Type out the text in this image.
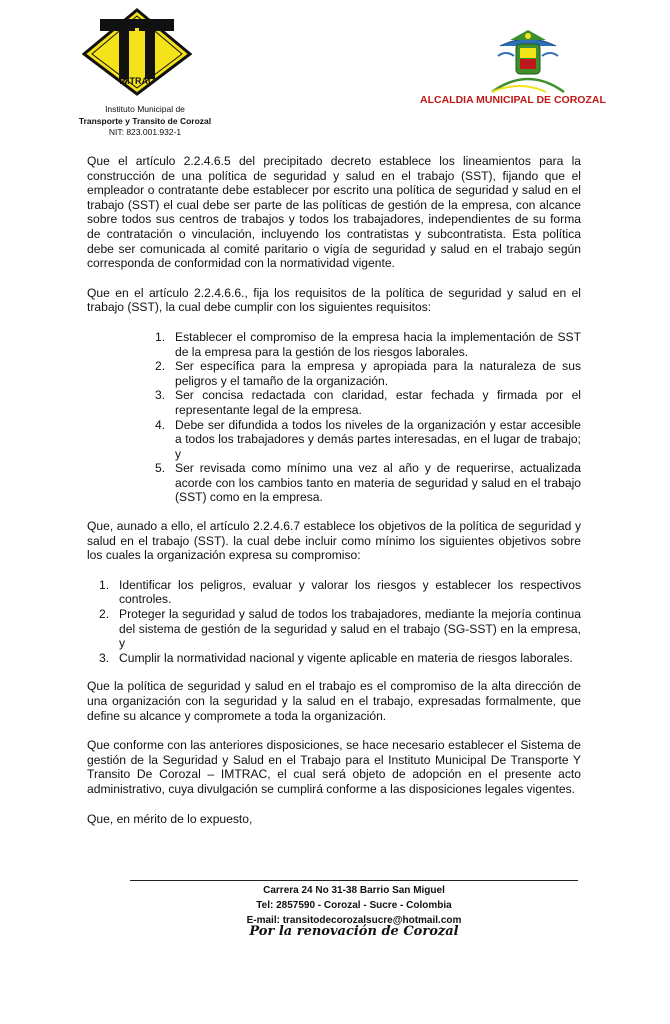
IMTRAC
Instituto Municipal de
Transporte y Transito de Corozal
NIT: 823.001.932-1
ALCALDIA MUNICIPAL DE COROZAL

Que el artículo 2.2.4.6.5 del precipitado decreto establece los lineamientos para la construcción de una política de seguridad y salud en el trabajo (SST), fijando que el empleador o contratante debe establecer por escrito una política de seguridad y salud en el trabajo (SST) el cual debe ser parte de las políticas de gestión de la empresa, con alcance sobre todos sus centros de trabajos y todos los trabajadores, independientes de su forma de contratación o vinculación, incluyendo los contratistas y subcontratista. Esta política debe ser comunicada al comité paritario o vigía de seguridad y salud en el trabajo según corresponda de conformidad con la normatividad vigente.

Que en el artículo 2.2.4.6.6., fija los requisitos de la política de seguridad y salud en el trabajo (SST), la cual debe cumplir con los siguientes requisitos:

1. Establecer el compromiso de la empresa hacia la implementación de SST de la empresa para la gestión de los riesgos laborales.
2. Ser específica para la empresa y apropiada para la naturaleza de sus peligros y el tamaño de la organización.
3. Ser concisa redactada con claridad, estar fechada y firmada por el representante legal de la empresa.
4. Debe ser difundida a todos los niveles de la organización y estar accesible a todos los trabajadores y demás partes interesadas, en el lugar de trabajo; y
5. Ser revisada como mínimo una vez al año y de requerirse, actualizada acorde con los cambios tanto en materia de seguridad y salud en el trabajo (SST) como en la empresa.

Que, aunado a ello, el artículo 2.2.4.6.7 establece los objetivos de la política de seguridad y salud en el trabajo (SST). la cual debe incluir como mínimo los siguientes objetivos sobre los cuales la organización expresa su compromiso:

1. Identificar los peligros, evaluar y valorar los riesgos y establecer los respectivos controles.
2. Proteger la seguridad y salud de todos los trabajadores, mediante la mejoría continua del sistema de gestión de la seguridad y salud en el trabajo (SG-SST) en la empresa, y
3. Cumplir la normatividad nacional y vigente aplicable en materia de riesgos laborales.

Que la política de seguridad y salud en el trabajo es el compromiso de la alta dirección de una organización con la seguridad y la salud en el trabajo, expresadas formalmente, que define su alcance y compromete a toda la organización.

Que conforme con las anteriores disposiciones, se hace necesario establecer el Sistema de gestión de la Seguridad y Salud en el Trabajo para el Instituto Municipal De Transporte Y Transito De Corozal – IMTRAC, el cual será objeto de adopción en el presente acto administrativo, cuya divulgación se cumplirá conforme a las disposiciones legales vigentes.

Que, en mérito de lo expuesto,

Carrera 24 No 31-38 Barrio San Miguel
Tel: 2857590 - Corozal - Sucre - Colombia
E-mail: transitodecorozalsucre@hotmail.com
Por la renovación de Corozal
